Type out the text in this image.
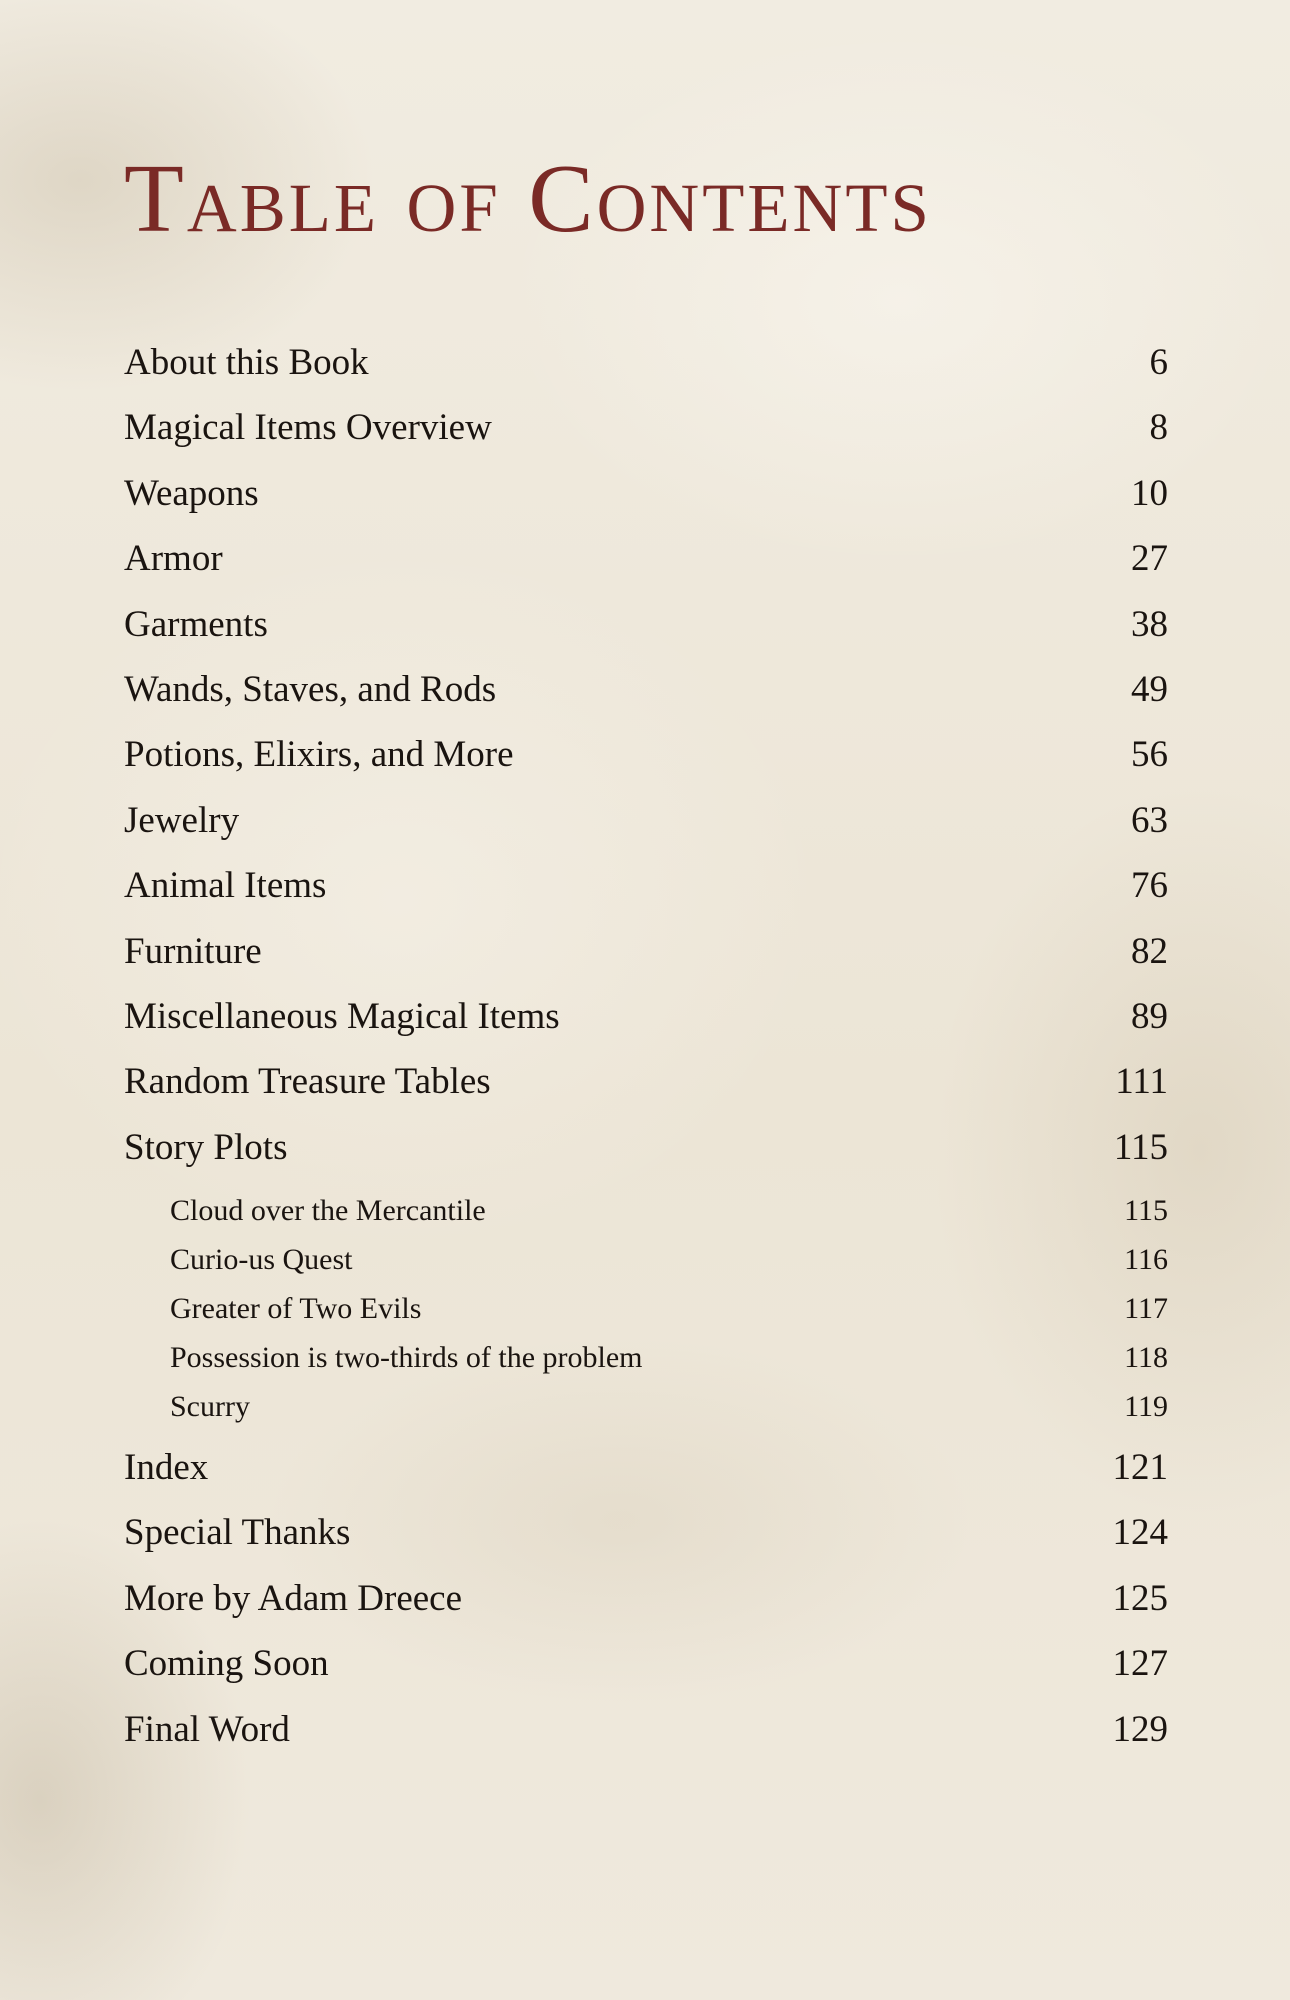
Table of Contents
About this Book	6
Magical Items Overview	8
Weapons	10
Armor	27
Garments	38
Wands, Staves, and Rods	49
Potions, Elixirs, and More	56
Jewelry	63
Animal Items	76
Furniture	82
Miscellaneous Magical Items	89
Random Treasure Tables	111
Story Plots	115
Cloud over the Mercantile	115
Curio-us Quest	116
Greater of Two Evils	117
Possession is two-thirds of the problem	118
Scurry	119
Index	121
Special Thanks	124
More by Adam Dreece	125
Coming Soon	127
Final Word	129
